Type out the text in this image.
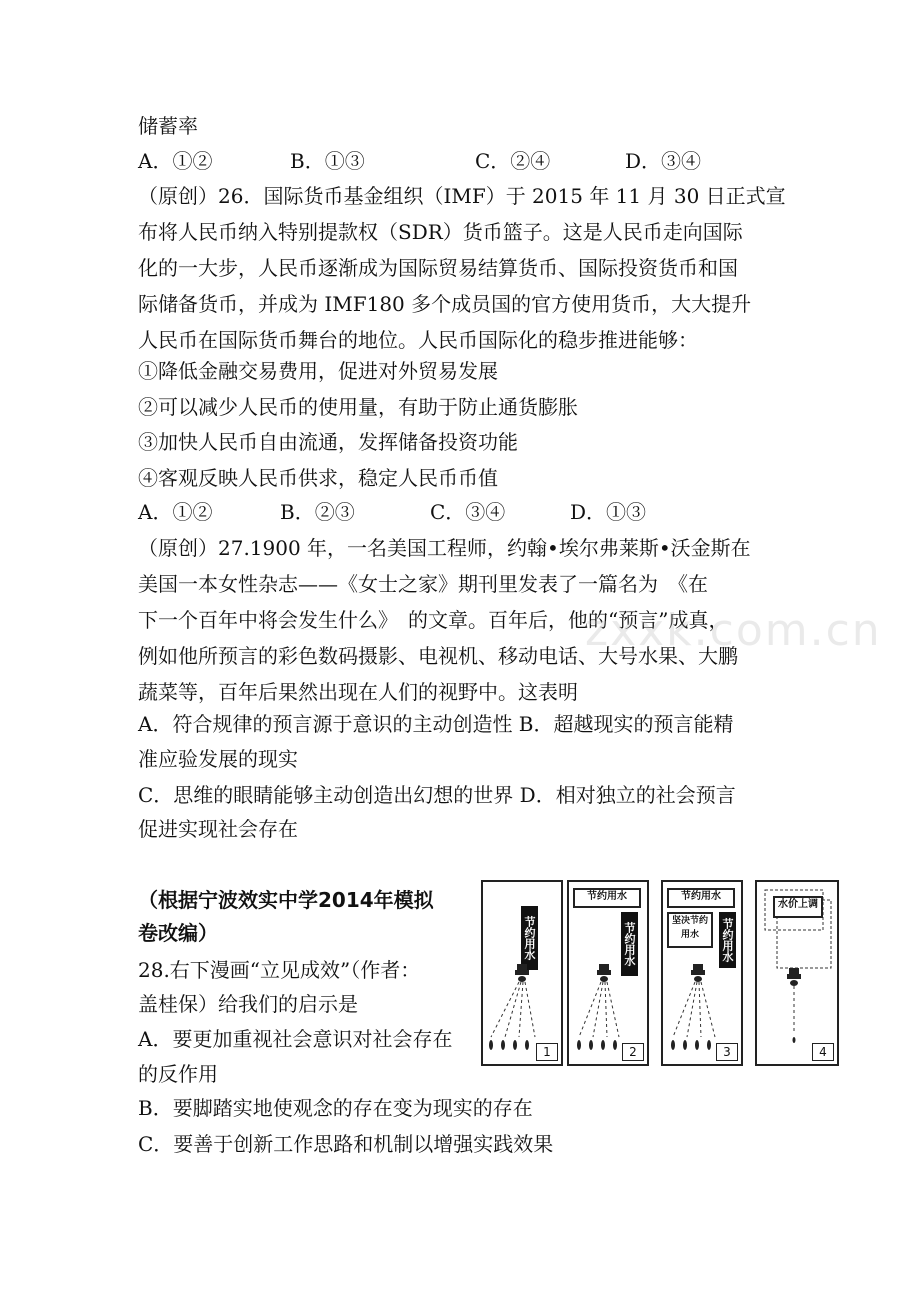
储蓄率
A．①②	B．①③	C．②④	D．③④
（原创）26．国际货币基金组织（IMF）于 2015 年 11 月 30 日正式宣
布将人民币纳入特别提款权（SDR）货币篮子。这是人民币走向国际
化的一大步，人民币逐渐成为国际贸易结算货币、国际投资货币和国
际储备货币，并成为 IMF180 多个成员国的官方使用货币，大大提升
人民币在国际货币舞台的地位。人民币国际化的稳步推进能够：
①降低金融交易费用，促进对外贸易发展
②可以减少人民币的使用量，有助于防止通货膨胀
③加快人民币自由流通，发挥储备投资功能
④客观反映人民币供求，稳定人民币币值
A．①②	B．②③	C．③④	D．①③
（原创）27.1900 年，一名美国工程师，约翰•埃尔弗莱斯•沃金斯在
美国一本女性杂志——《女士之家》期刊里发表了一篇名为　《在
下一个百年中将会发生什么》　的文章。百年后，他的“预言”成真，
例如他所预言的彩色数码摄影、电视机、移动电话、大号水果、大鹏
蔬菜等，百年后果然出现在人们的视野中。这表明
A．符合规律的预言源于意识的主动创造性 B．超越现实的预言能精
准应验发展的现实
C．思维的眼睛能够主动创造出幻想的世界 D．相对独立的社会预言
促进实现社会存在
zxxk.com.cn
（根据宁波效实中学2014年模拟
卷改编）
28.右下漫画“立见成效”（作者：
盖桂保）给我们的启示是
A．要更加重视社会意识对社会存在
的反作用
B．要脚踏实地使观念的存在变为现实的存在
C．要善于创新工作思路和机制以增强实践效果
节约用水
1
节约用水
节约用水
2
节约用水
坚决节约用水	节约用水
3
水价上调
4
